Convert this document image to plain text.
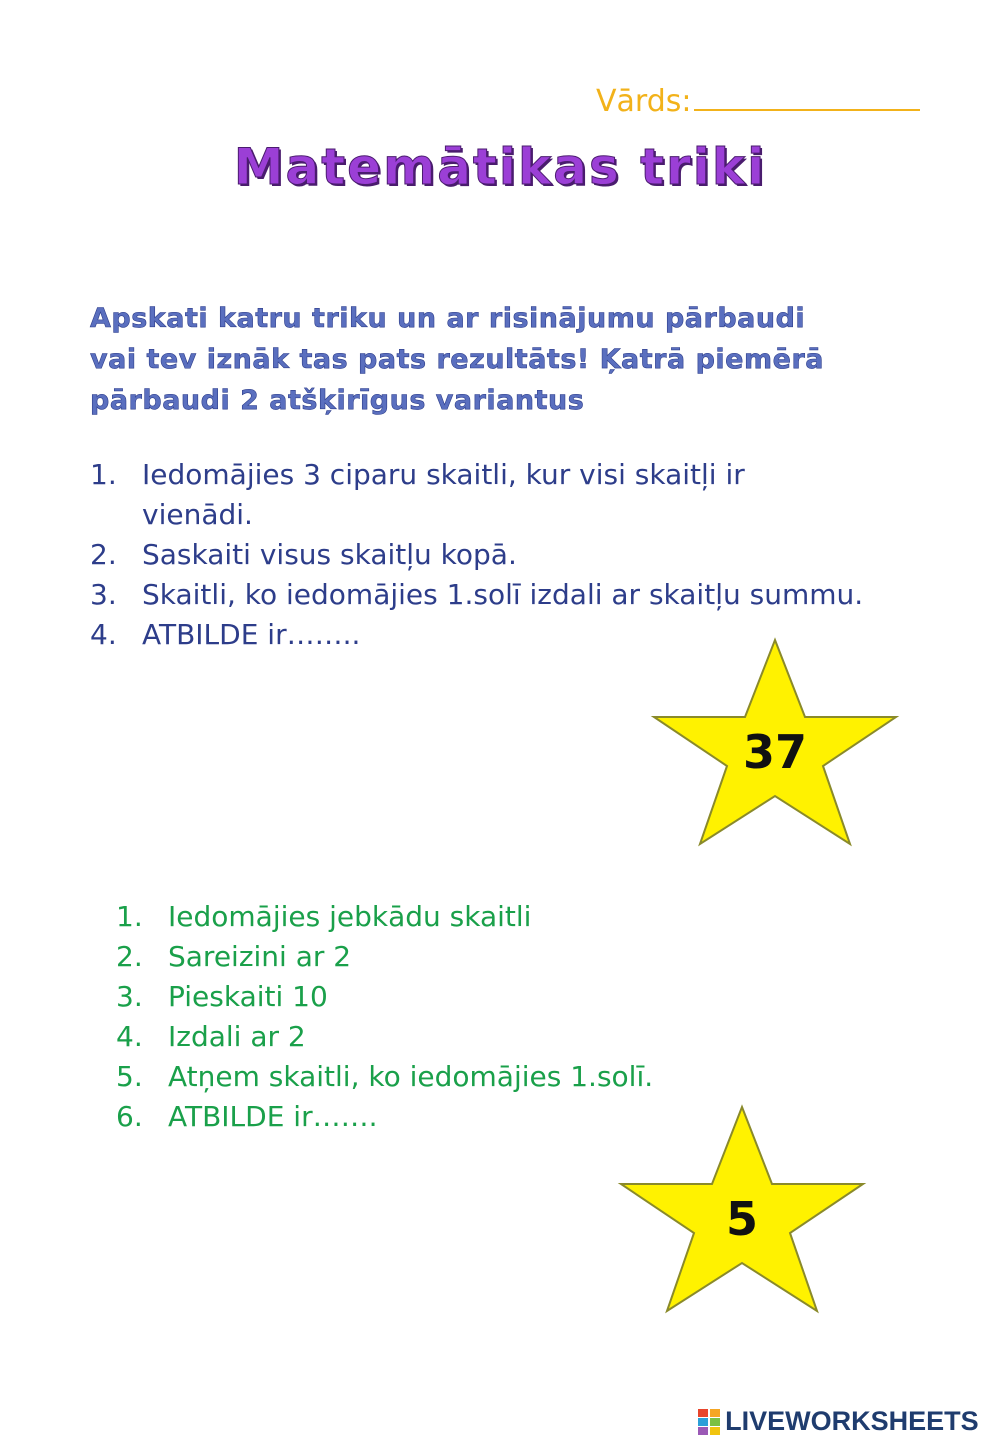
Vārds:
Matemātikas triki
Apskati katru triku un ar risinājumu pārbaudi
vai tev iznāk tas pats rezultāts! Ķatrā piemērā
pārbaudi 2 atšķirīgus variantus
1. Iedomājies 3 ciparu skaitli, kur visi skaitļi ir
vienādi.
2. Saskaiti visus skaitļu kopā.
3. Skaitli, ko iedomājies 1.solī izdali ar skaitļu summu.
4. ATBILDE ir……..
37
1. Iedomājies jebkādu skaitli
2. Sareizini ar 2
3. Pieskaiti 10
4. Izdali ar 2
5. Atņem skaitli, ko iedomājies 1.solī.
6. ATBILDE ir…….
5
LIVEWORKSHEETS
